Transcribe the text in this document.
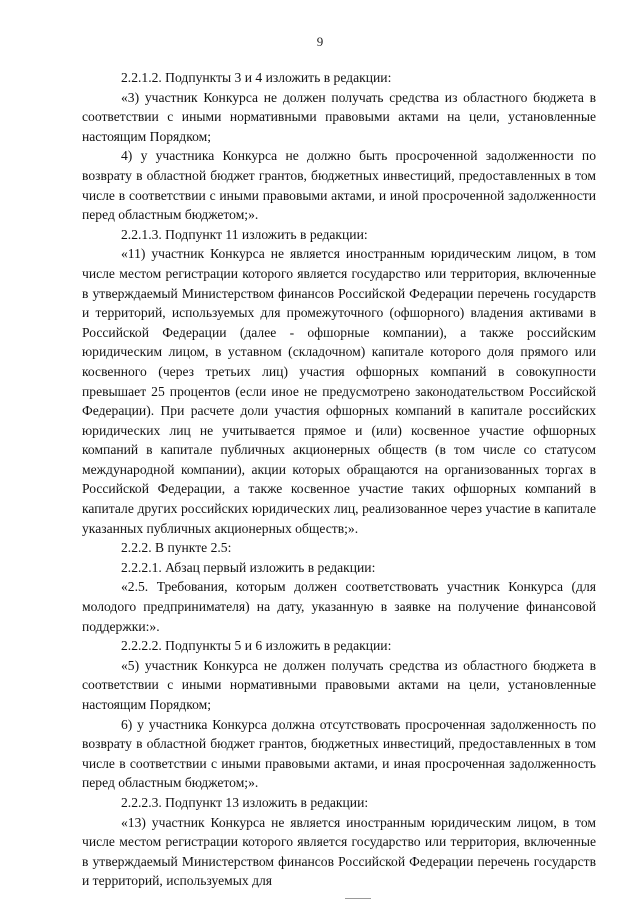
9

2.2.1.2. Подпункты 3 и 4 изложить в редакции:

«3) участник Конкурса не должен получать средства из областного бюджета в соответствии с иными нормативными правовыми актами на цели, установленные настоящим Порядком;

4) у участника Конкурса не должно быть просроченной задолженности по возврату в областной бюджет грантов, бюджетных инвестиций, предоставленных в том числе в соответствии с иными правовыми актами, и иной просроченной задолженности перед областным бюджетом;».

2.2.1.3. Подпункт 11 изложить в редакции:

«11) участник Конкурса не является иностранным юридическим лицом, в том числе местом регистрации которого является государство или территория, включенные в утверждаемый Министерством финансов Российской Федерации перечень государств и территорий, используемых для промежуточного (офшорного) владения активами в Российской Федерации (далее - офшорные компании), а также российским юридическим лицом, в уставном (складочном) капитале которого доля прямого или косвенного (через третьих лиц) участия офшорных компаний в совокупности превышает 25 процентов (если иное не предусмотрено законодательством Российской Федерации). При расчете доли участия офшорных компаний в капитале российских юридических лиц не учитывается прямое и (или) косвенное участие офшорных компаний в капитале публичных акционерных обществ (в том числе со статусом международной компании), акции которых обращаются на организованных торгах в Российской Федерации, а также косвенное участие таких офшорных компаний в капитале других российских юридических лиц, реализованное через участие в капитале указанных публичных акционерных обществ;».

2.2.2. В пункте 2.5:

2.2.2.1. Абзац первый изложить в редакции:

«2.5. Требования, которым должен соответствовать участник Конкурса (для молодого предпринимателя) на дату, указанную в заявке на получение финансовой поддержки:».

2.2.2.2. Подпункты 5 и 6 изложить в редакции:

«5) участник Конкурса не должен получать средства из областного бюджета в соответствии с иными нормативными правовыми актами на цели, установленные настоящим Порядком;

6) у участника Конкурса должна отсутствовать просроченная задолженность по возврату в областной бюджет грантов, бюджетных инвестиций, предоставленных в том числе в соответствии с иными правовыми актами, и иная просроченная задолженность перед областным бюджетом;».

2.2.2.3. Подпункт 13 изложить в редакции:

«13) участник Конкурса не является иностранным юридическим лицом, в том числе местом регистрации которого является государство или территория, включенные в утверждаемый Министерством финансов Российской Федерации перечень государств и территорий, используемых для
